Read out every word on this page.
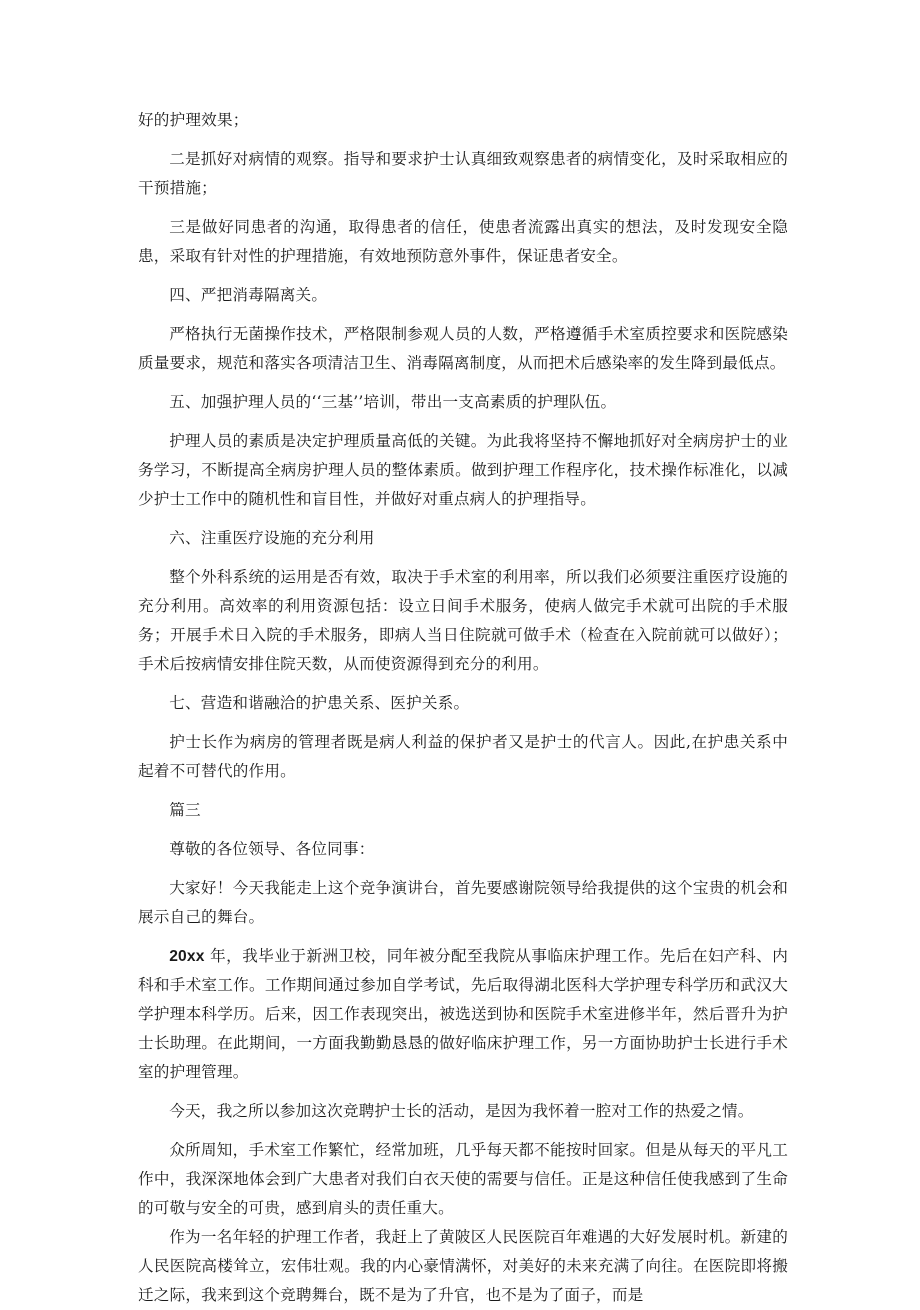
好的护理效果；

二是抓好对病情的观察。指导和要求护士认真细致观察患者的病情变化，及时采取相应的干预措施；

三是做好同患者的沟通，取得患者的信任，使患者流露出真实的想法，及时发现安全隐患，采取有针对性的护理措施，有效地预防意外事件，保证患者安全。

四、严把消毒隔离关。

严格执行无菌操作技术，严格限制参观人员的人数，严格遵循手术室质控要求和医院感染质量要求，规范和落实各项清洁卫生、消毒隔离制度，从而把术后感染率的发生降到最低点。

五、加强护理人员的‘‘三基’’培训，带出一支高素质的护理队伍。

护理人员的素质是决定护理质量高低的关键。为此我将坚持不懈地抓好对全病房护士的业务学习，不断提高全病房护理人员的整体素质。做到护理工作程序化，技术操作标准化，以减少护士工作中的随机性和盲目性，并做好对重点病人的护理指导。

六、注重医疗设施的充分利用

整个外科系统的运用是否有效，取决于手术室的利用率，所以我们必须要注重医疗设施的充分利用。高效率的利用资源包括：设立日间手术服务，使病人做完手术就可出院的手术服务；开展手术日入院的手术服务，即病人当日住院就可做手术（检查在入院前就可以做好）；手术后按病情安排住院天数，从而使资源得到充分的利用。

七、营造和谐融洽的护患关系、医护关系。

护士长作为病房的管理者既是病人利益的保护者又是护士的代言人。因此,在护患关系中起着不可替代的作用。

篇三

尊敬的各位领导、各位同事：

大家好！今天我能走上这个竞争演讲台，首先要感谢院领导给我提供的这个宝贵的机会和展示自己的舞台。

20xx 年，我毕业于新洲卫校，同年被分配至我院从事临床护理工作。先后在妇产科、内科和手术室工作。工作期间通过参加自学考试，先后取得湖北医科大学护理专科学历和武汉大学护理本科学历。后来，因工作表现突出，被选送到协和医院手术室进修半年，然后晋升为护士长助理。在此期间，一方面我勤勤恳恳的做好临床护理工作，另一方面协助护士长进行手术室的护理管理。

今天，我之所以参加这次竞聘护士长的活动，是因为我怀着一腔对工作的热爱之情。

众所周知，手术室工作繁忙，经常加班，几乎每天都不能按时回家。但是从每天的平凡工作中，我深深地体会到广大患者对我们白衣天使的需要与信任。正是这种信任使我感到了生命的可敬与安全的可贵，感到肩头的责任重大。

作为一名年轻的护理工作者，我赶上了黄陂区人民医院百年难遇的大好发展时机。新建的人民医院高楼耸立，宏伟壮观。我的内心豪情满怀，对美好的未来充满了向往。在医院即将搬迁之际，我来到这个竞聘舞台，既不是为了升官，也不是为了面子，而是
